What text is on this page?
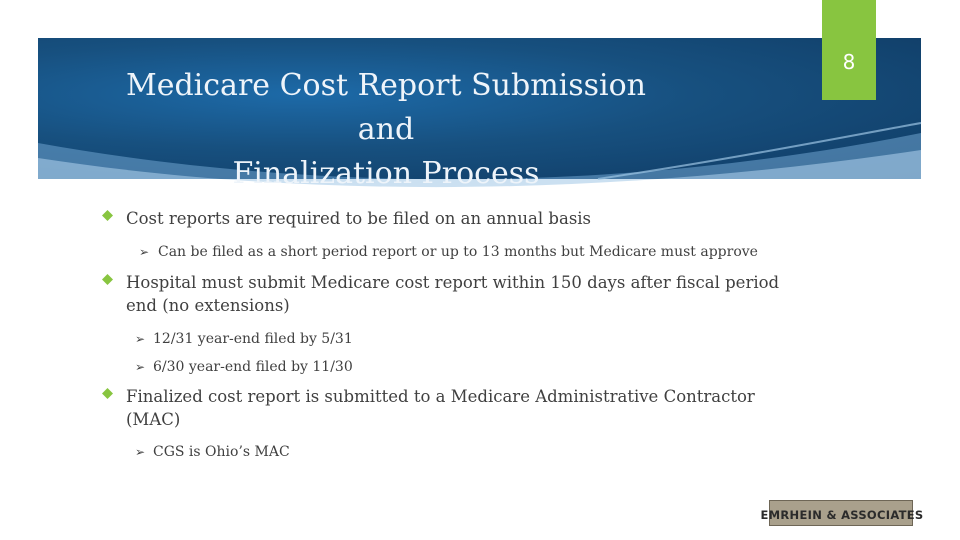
Medicare Cost Report Submission and
Finalization Process
8
Cost reports are required to be filed on an annual basis
➢ Can be filed as a short period report or up to 13 months but Medicare must approve
Hospital must submit Medicare cost report within 150 days after fiscal period end (no extensions)
➢ 12/31 year-end filed by 5/31
➢ 6/30 year-end filed by 11/30
Finalized cost report is submitted to a Medicare Administrative Contractor (MAC)
➢ CGS is Ohio’s MAC
EMRHEIN & ASSOCIATES
